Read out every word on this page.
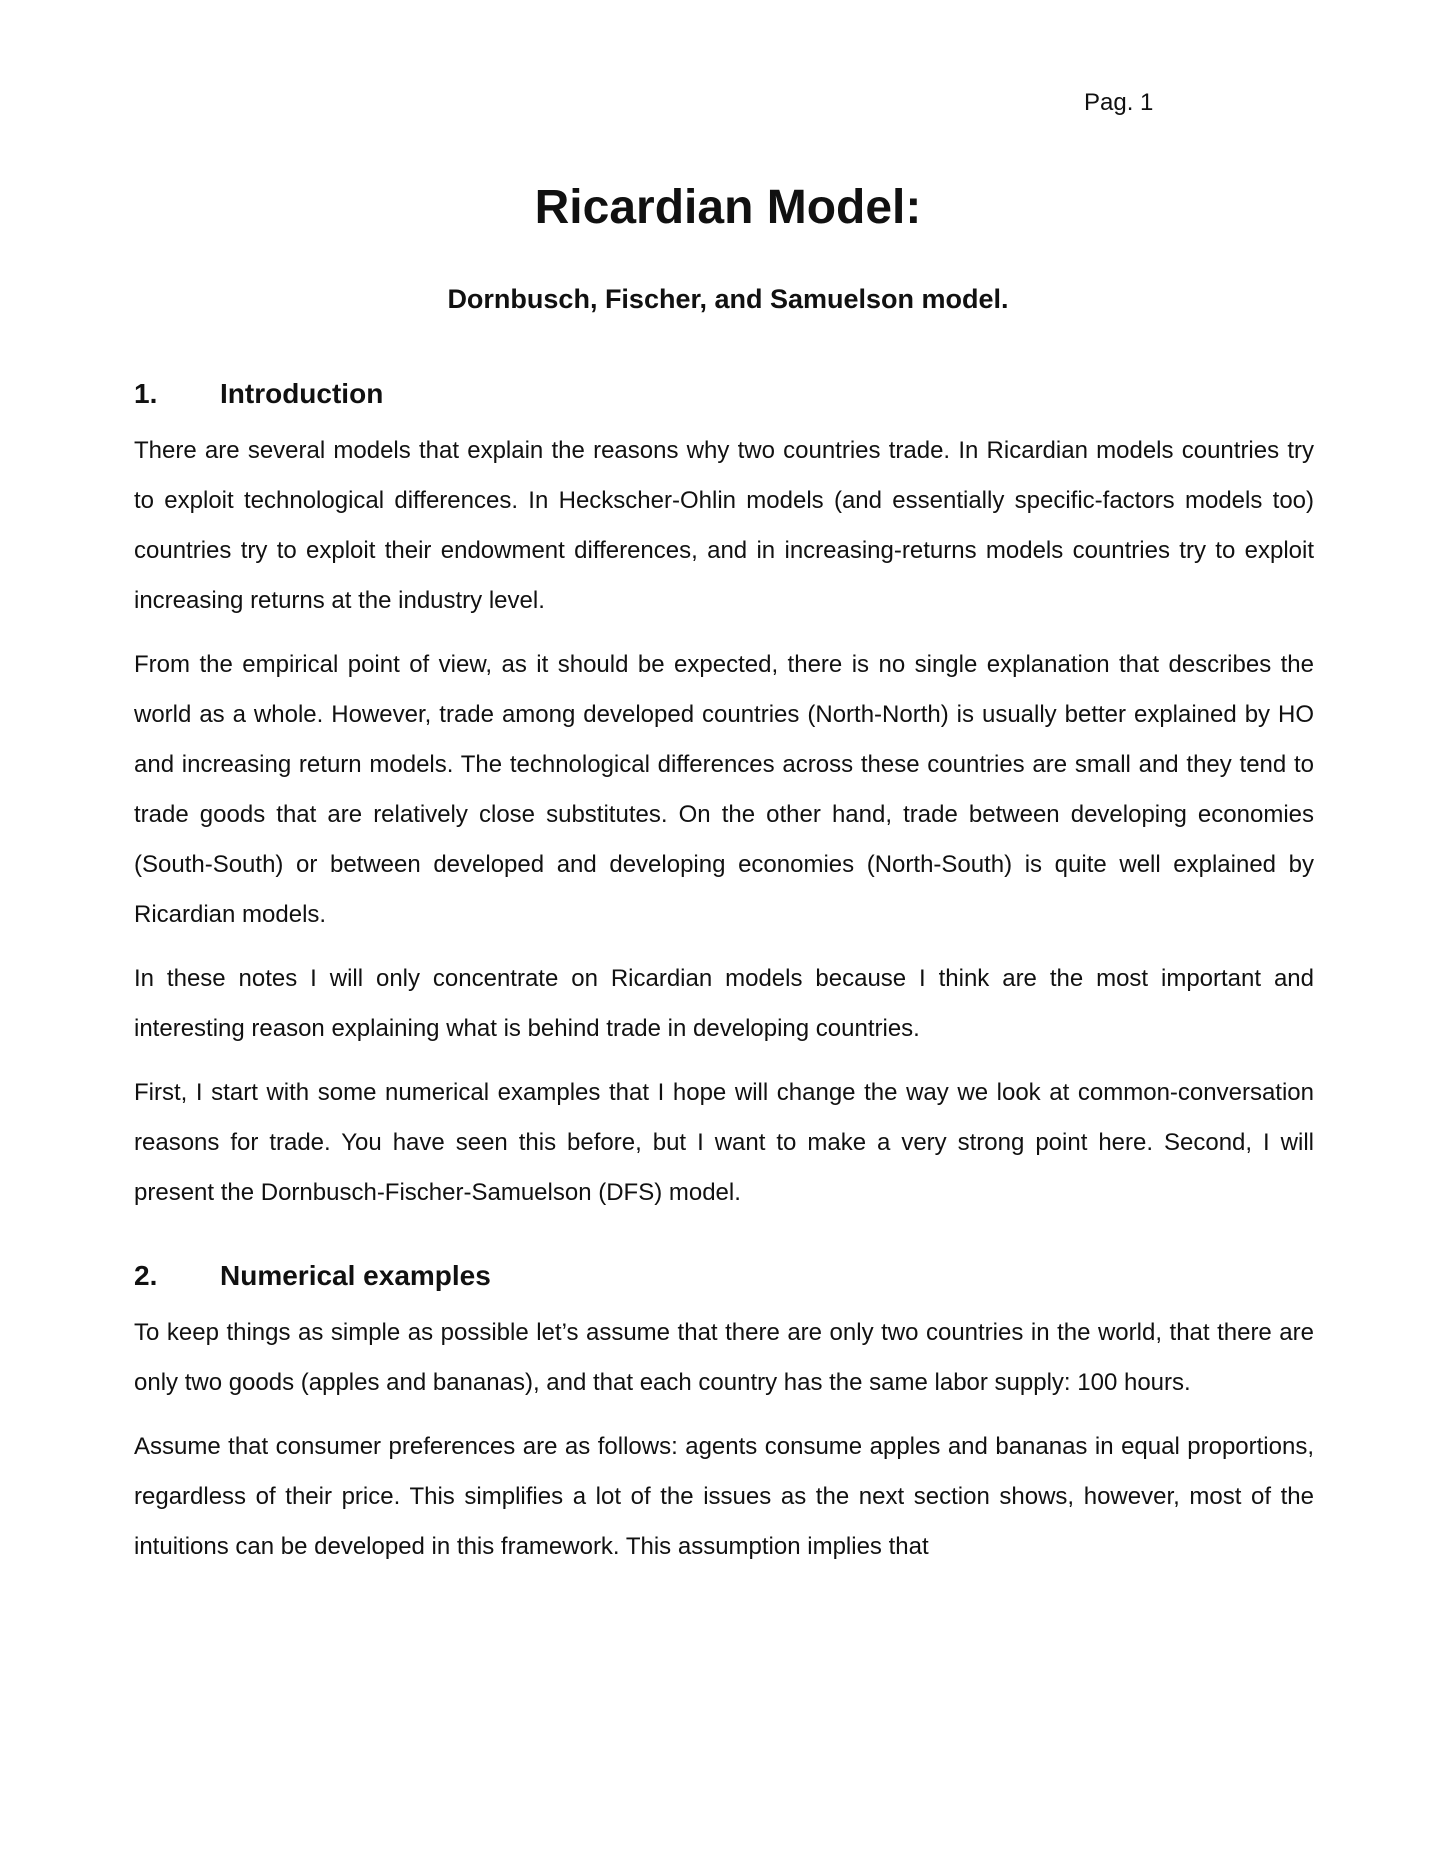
Pag. 1
Ricardian Model:
Dornbusch, Fischer, and Samuelson model.
1.	Introduction

There are several models that explain the reasons why two countries trade. In Ricardian models countries try to exploit technological differences. In Heckscher-Ohlin models (and essentially specific-factors models too) countries try to exploit their endowment differences, and in increasing-returns models countries try to exploit increasing returns at the industry level.

From the empirical point of view, as it should be expected, there is no single explanation that describes the world as a whole. However, trade among developed countries (North-North) is usually better explained by HO and increasing return models. The technological differences across these countries are small and they tend to trade goods that are relatively close substitutes. On the other hand, trade between developing economies (South-South) or between developed and developing economies (North-South) is quite well explained by Ricardian models.

In these notes I will only concentrate on Ricardian models because I think are the most important and interesting reason explaining what is behind trade in developing countries.

First, I start with some numerical examples that I hope will change the way we look at common-conversation reasons for trade. You have seen this before, but I want to make a very strong point here. Second, I will present the Dornbusch-Fischer-Samuelson (DFS) model.

2.	Numerical examples

To keep things as simple as possible let’s assume that there are only two countries in the world, that there are only two goods (apples and bananas), and that each country has the same labor supply: 100 hours.

Assume that consumer preferences are as follows: agents consume apples and bananas in equal proportions, regardless of their price. This simplifies a lot of the issues as the next section shows, however, most of the intuitions can be developed in this framework. This assumption implies that
